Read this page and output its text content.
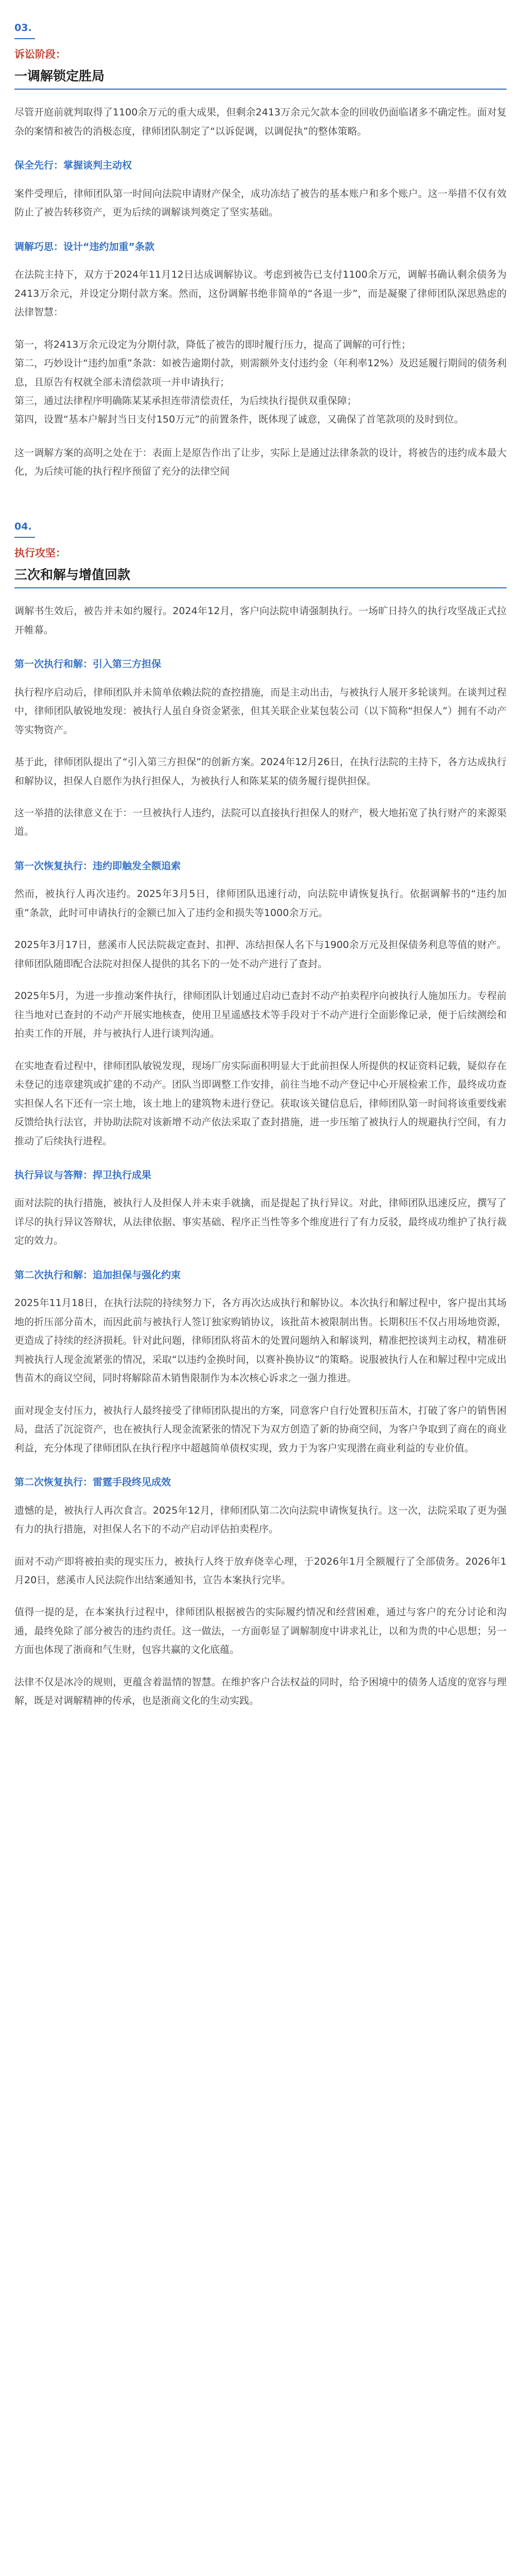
03.
诉讼阶段：
一调解锁定胜局

尽管开庭前就判取得了1100余万元的重大成果，但剩余2413万余元欠款本金的回收仍面临诸多不确定性。面对复杂的案情和被告的消极态度，律师团队制定了“以诉促调，以调促执”的整体策略。

保全先行：掌握谈判主动权

案件受理后，律师团队第一时间向法院申请财产保全，成功冻结了被告的基本账户和多个账户。这一举措不仅有效防止了被告转移资产，更为后续的调解谈判奠定了坚实基础。

调解巧思：设计“违约加重”条款

在法院主持下，双方于2024年11月12日达成调解协议。考虑到被告已支付1100余万元，调解书确认剩余债务为2413万余元，并设定分期付款方案。然而，这份调解书绝非简单的“各退一步”，而是凝聚了律师团队深思熟虑的法律智慧：

第一，将2413万余元设定为分期付款，降低了被告的即时履行压力，提高了调解的可行性；

第二，巧妙设计“违约加重”条款：如被告逾期付款，则需额外支付违约金（年利率12%）及迟延履行期间的债务利息，且原告有权就全部未清偿款项一并申请执行；

第三，通过法律程序明确陈某某承担连带清偿责任，为后续执行提供双重保障；

第四，设置“基本户解封当日支付150万元”的前置条件，既体现了诚意，又确保了首笔款项的及时到位。

这一调解方案的高明之处在于：表面上是原告作出了让步，实际上是通过法律条款的设计，将被告的违约成本最大化，为后续可能的执行程序预留了充分的法律空间

04.
执行攻坚：
三次和解与增值回款

调解书生效后，被告并未如约履行。2024年12月，客户向法院申请强制执行。一场旷日持久的执行攻坚战正式拉开帷幕。

第一次执行和解：引入第三方担保

执行程序启动后，律师团队并未简单依赖法院的查控措施，而是主动出击，与被执行人展开多轮谈判。在谈判过程中，律师团队敏锐地发现：被执行人虽自身资金紧张，但其关联企业某包装公司（以下简称“担保人”）拥有不动产等实物资产。

基于此，律师团队提出了“引入第三方担保”的创新方案。2024年12月26日，在执行法院的主持下，各方达成执行和解协议，担保人自愿作为执行担保人，为被执行人和陈某某的债务履行提供担保。

这一举措的法律意义在于：一旦被执行人违约，法院可以直接执行担保人的财产，极大地拓宽了执行财产的来源渠道。

第一次恢复执行：违约即触发全额追索

然而，被执行人再次违约。2025年3月5日，律师团队迅速行动，向法院申请恢复执行。依据调解书的“违约加重”条款，此时可申请执行的金额已加入了违约金和损失等1000余万元。

2025年3月17日，慈溪市人民法院裁定查封、扣押、冻结担保人名下与1900余万元及担保债务利息等值的财产。律师团队随即配合法院对担保人提供的其名下的一处不动产进行了查封。

2025年5月，为进一步推动案件执行，律师团队计划通过启动已查封不动产拍卖程序向被执行人施加压力。专程前往当地对已查封的不动产开展实地核查，使用卫星遥感技术等手段对于不动产进行全面影像记录，便于后续测绘和拍卖工作的开展，并与被执行人进行谈判沟通。

在实地查看过程中，律师团队敏锐发现，现场厂房实际面积明显大于此前担保人所提供的权证资料记载，疑似存在未登记的违章建筑或扩建的不动产。团队当即调整工作安排，前往当地不动产登记中心开展检索工作，最终成功查实担保人名下还有一宗土地，该土地上的建筑物未进行登记。获取该关键信息后，律师团队第一时间将该重要线索反馈给执行法官，并协助法院对该新增不动产依法采取了查封措施，进一步压缩了被执行人的规避执行空间，有力推动了后续执行进程。

执行异议与答辩：捍卫执行成果

面对法院的执行措施，被执行人及担保人并未束手就擒，而是提起了执行异议。对此，律师团队迅速反应，撰写了详尽的执行异议答辩状，从法律依据、事实基础、程序正当性等多个维度进行了有力反驳，最终成功维护了执行裁定的效力。

第二次执行和解：追加担保与强化约束

2025年11月18日，在执行法院的持续努力下，各方再次达成执行和解协议。本次执行和解过程中，客户提出其场地的折压部分苗木，而因此前与被执行人签订独家购销协议，该批苗木被限制出售。长期积压不仅占用场地资源，更造成了持续的经济损耗。针对此问题，律师团队将苗木的处置问题纳入和解谈判，精准把控谈判主动权，精准研判被执行人现金流紧张的情况，采取“以违约金换时间，以赛补换协议”的策略。说服被执行人在和解过程中完成出售苗木的商议空间，同时将解除苗木销售限制作为本次核心诉求之一强力推进。

面对现金支付压力，被执行人最终接受了律师团队提出的方案，同意客户自行处置积压苗木，打破了客户的销售困局，盘活了沉淀资产，也在被执行人现金流紧张的情况下为双方创造了新的协商空间，为客户争取到了商在的商业利益，充分体现了律师团队在执行程序中超越简单债权实现，致力于为客户实现潜在商业利益的专业价值。

第二次恢复执行：雷霆手段终见成效

遗憾的是，被执行人再次食言。2025年12月，律师团队第二次向法院申请恢复执行。这一次，法院采取了更为强有力的执行措施，对担保人名下的不动产启动评估拍卖程序。

面对不动产即将被拍卖的现实压力，被执行人终于放弃侥幸心理，于2026年1月全额履行了全部债务。2026年1月20日，慈溪市人民法院作出结案通知书，宣告本案执行完毕。

值得一提的是，在本案执行过程中，律师团队根据被告的实际履约情况和经营困难，通过与客户的充分讨论和沟通，最终免除了部分被告的违约责任。这一做法，一方面彰显了调解制度中讲求礼让，以和为贵的中心思想；另一方面也体现了浙商和气生财，包容共赢的文化底蕴。

法律不仅是冰冷的规则，更蕴含着温情的智慧。在维护客户合法权益的同时，给予困境中的债务人适度的宽容与理解，既是对调解精神的传承，也是浙商文化的生动实践。
